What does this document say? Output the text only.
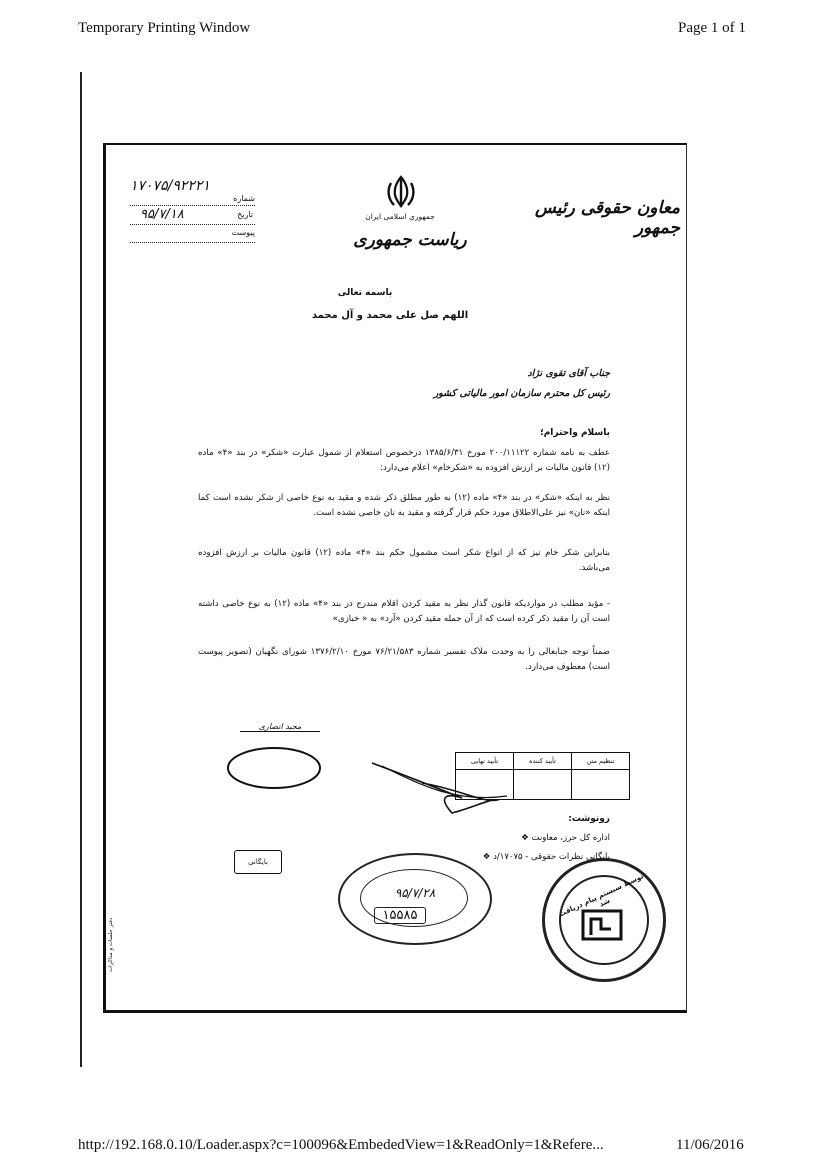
Temporary Printing Window	Page 1 of 1
۱۷۰۷۵/۹۲۲۲۱
شماره
۹۵/۷/۱۸	تاریخ
پیوست
جمهوری اسلامی ایران
ریاست جمهوری
معاون حقوقی رئیس جمهور
باسمه تعالی
اللهم صل علی محمد و آل محمد
جناب آقای تقوی نژاد
رئیس کل محترم سازمان امور مالیاتی کشور
باسلام واحترام؛
عطف به نامه شماره ۲۰۰/۱۱۱۲۲ مورخ ۱۳۸۵/۶/۳۱ درخصوص استعلام از شمول عبارت «شکر» در بند «۴» ماده (۱۲) قانون مالیات بر ارزش افزوده به «شکرخام» اعلام می‌دارد:
نظر به اینکه «شکر» در بند «۴» ماده (۱۲) به طور مطلق ذکر شده و مقید به نوع خاصی از شکر نشده است کما اینکه «نان» نیز علی‌الاطلاق مورد حکم قرار گرفته و مقید به نان خاصی نشده است.
بنابراین شکر خام نیز که از انواع شکر است مشمول حکم بند «۴» ماده (۱۲) قانون مالیات بر ارزش افزوده می‌باشد.
- مؤید مطلب در مواردیکه قانون گذار نظر به مقید کردن اقلام مندرج در بند «۴» ماده (۱۲) به نوع خاصی داشته است آن را مقید ذکر کرده است که از آن جمله مقید کردن «آرد» به « خبازی»
ضمناً توجه جنابعالی را به وحدت ملاک تفسیر شماره ۷۶/۲۱/۵۸۳ مورخ ۱۳۷۶/۲/۱۰ شورای نگهبان (تصویر پیوست است) معطوف می‌دارد.
مجید انصاری
تأیید نهایی	تأیید کننده	تنظیم متن

رونوشت:
اداره کل حرز، معاونت ❖
بایگانی نظرات حقوقی - ۱۷۰۷۵/د ❖
بایگانی
۹۵/۷/۲۸
۱۵۵۸۵	توسط سیستم پیام دریافت شد
دفتر جلسات و مذاکرات
http://192.168.0.10/Loader.aspx?c=100096&EmbededView=1&ReadOnly=1&Refere...	11/06/2016
